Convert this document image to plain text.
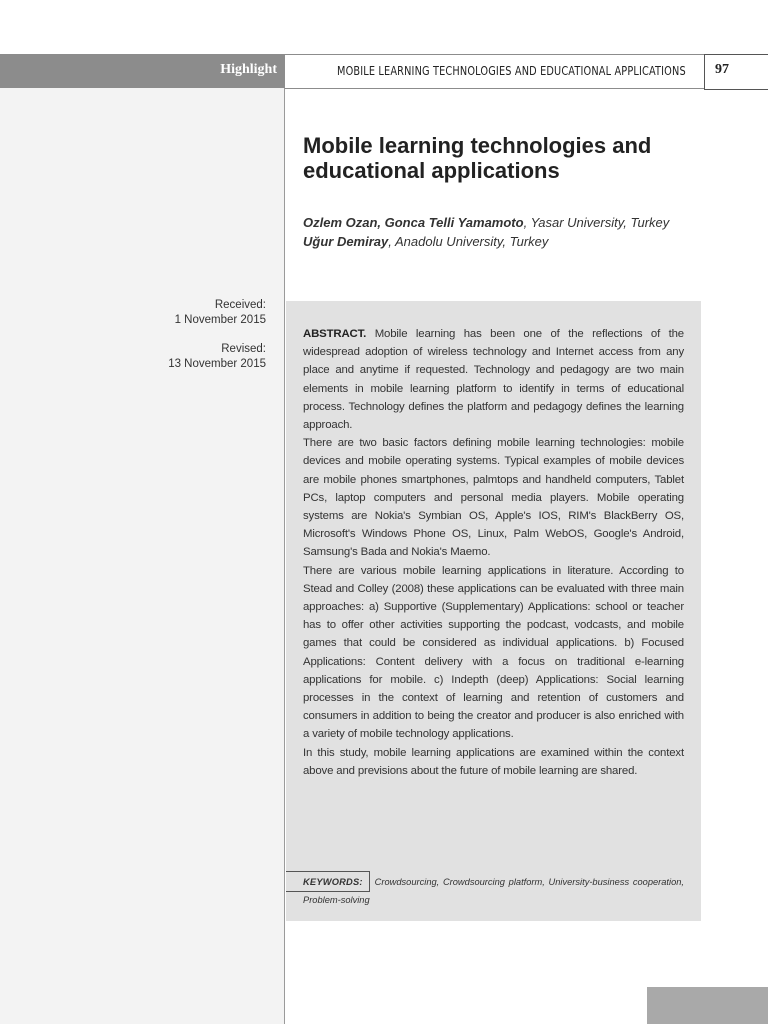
Highlight	MOBILE LEARNING TECHNOLOGIES AND EDUCATIONAL APPLICATIONS 97
Mobile learning technologies and educational applications
Ozlem Ozan, Gonca Telli Yamamoto, Yasar University, Turkey
Uğur Demiray, Anadolu University, Turkey
Received:
1 November 2015
Revised:
13 November 2015

ABSTRACT. Mobile learning has been one of the reflections of the widespread adoption of wireless technology and Internet access from any place and anytime if requested. Technology and pedagogy are two main elements in mobile learning platform to identify in terms of educational process. Technology defines the platform and pedagogy defines the learning approach.

There are two basic factors defining mobile learning technologies: mobile devices and mobile operating systems. Typical examples of mobile devices are mobile phones smartphones, palmtops and handheld computers, Tablet PCs, laptop computers and personal media players. Mobile operating systems are Nokia's Symbian OS, Apple's IOS, RIM's BlackBerry OS, Microsoft's Windows Phone OS, Linux, Palm WebOS, Google's Android, Samsung's Bada and Nokia's Maemo.

There are various mobile learning applications in literature. According to Stead and Colley (2008) these applications can be evaluated with three main approaches: a) Supportive (Supplementary) Applications: school or teacher has to offer other activities supporting the podcast, vodcasts, and mobile games that could be considered as individual applications. b) Focused Applications: Content delivery with a focus on traditional e-learning applications for mobile. c) Indepth (deep) Applications: Social learning processes in the context of learning and retention of customers and consumers in addition to being the creator and producer is also enriched with a variety of mobile technology applications.

In this study, mobile learning applications are examined within the context above and previsions about the future of mobile learning are shared.

KEYWORDS: Crowdsourcing, Crowdsourcing platform, University-business cooperation, Problem-solving
